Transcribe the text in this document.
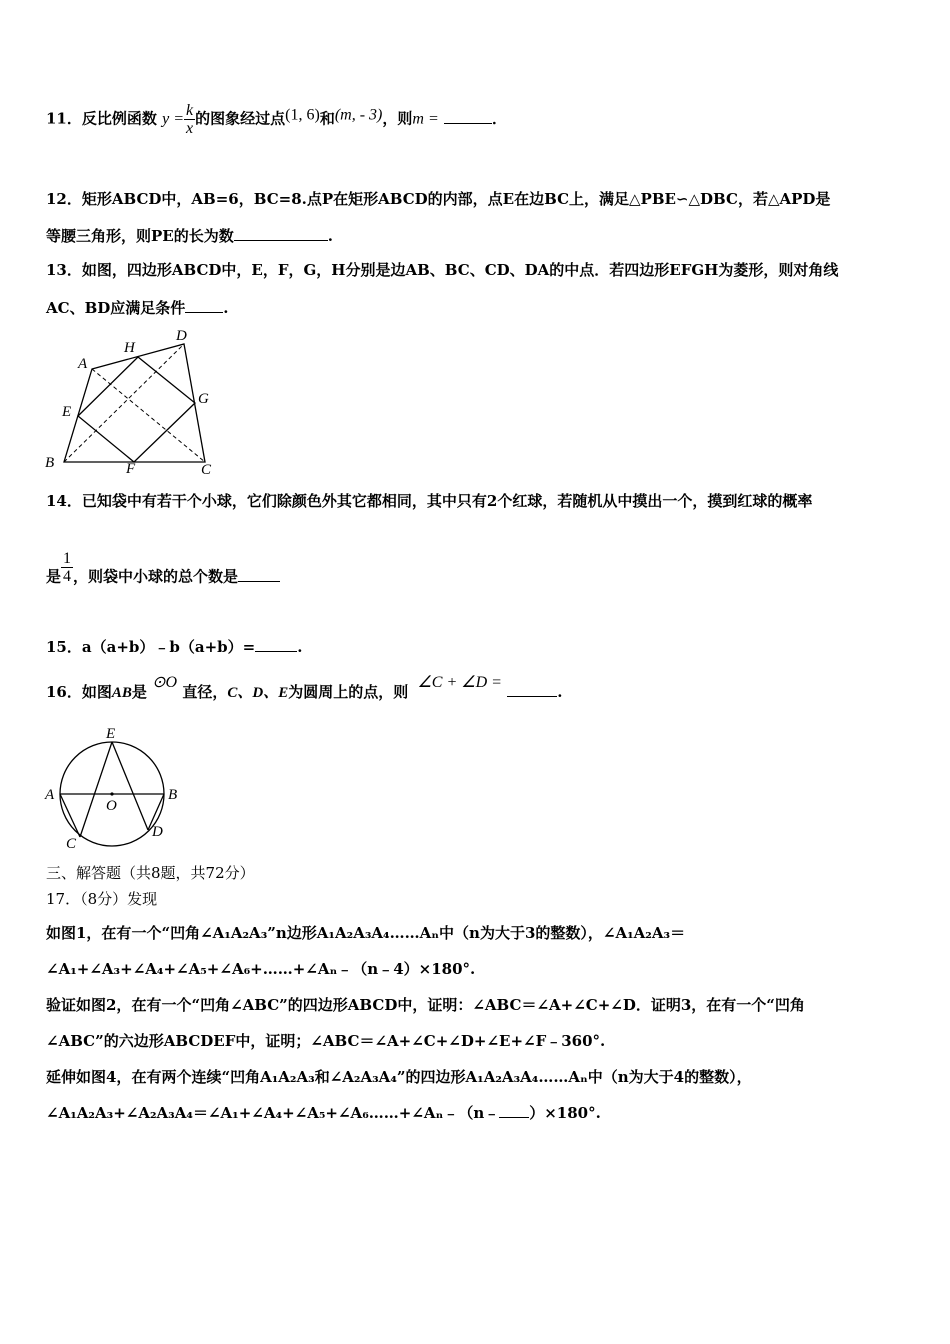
11．反比例函数 $y = \frac{k}{x}$ 的图象经过点(1, 6)和(m, - 3)，则m =	．
12．矩形ABCD中，AB=6，BC=8.点P在矩形ABCD的内部，点E在边BC上，满足△PBE∽△DBC，若△APD是
等腰三角形，则PE的长为数	.
13．如图，四边形ABCD中，E，F，G，H分别是边AB、BC、CD、DA的中点．若四边形EFGH为菱形，则对角线
AC、BD应满足条件	.
A
H
D
E
G
B	F	C
14．已知袋中有若干个小球，它们除颜色外其它都相同，其中只有2个红球，若随机从中摸出一个，摸到红球的概率
是 $\frac{1}{4}$ ，则袋中小球的总个数是
15．a（a+b）﹣b（a+b）=	.
16．如图AB是 ⊙O 直径，C、D、E为圆周上的点，则 ∠C + ∠D = .
E
A
O
B
C
D
三、解答题（共8题，共72分）
17．（8分）发现
如图1，在有一个“凹角∠A₁A₂A₃”n边形A₁A₂A₃A₄……Aₙ中（n为大于3的整数），∠A₁A₂A₃＝
∠A₁+∠A₃+∠A₄+∠A₅+∠A₆+……+∠Aₙ﹣（n﹣4）×180°.
验证如图2，在有一个“凹角∠ABC”的四边形ABCD中，证明：∠ABC＝∠A+∠C+∠D．证明3，在有一个“凹角
∠ABC”的六边形ABCDEF中，证明；∠ABC＝∠A+∠C+∠D+∠E+∠F﹣360°.
延伸如图4，在有两个连续“凹角A₁A₂A₃和∠A₂A₃A₄”的四边形A₁A₂A₃A₄……Aₙ中（n为大于4的整数），
∠A₁A₂A₃+∠A₂A₃A₄＝∠A₁+∠A₄+∠A₅+∠A₆……+∠Aₙ﹣（n﹣ ）×180°.
